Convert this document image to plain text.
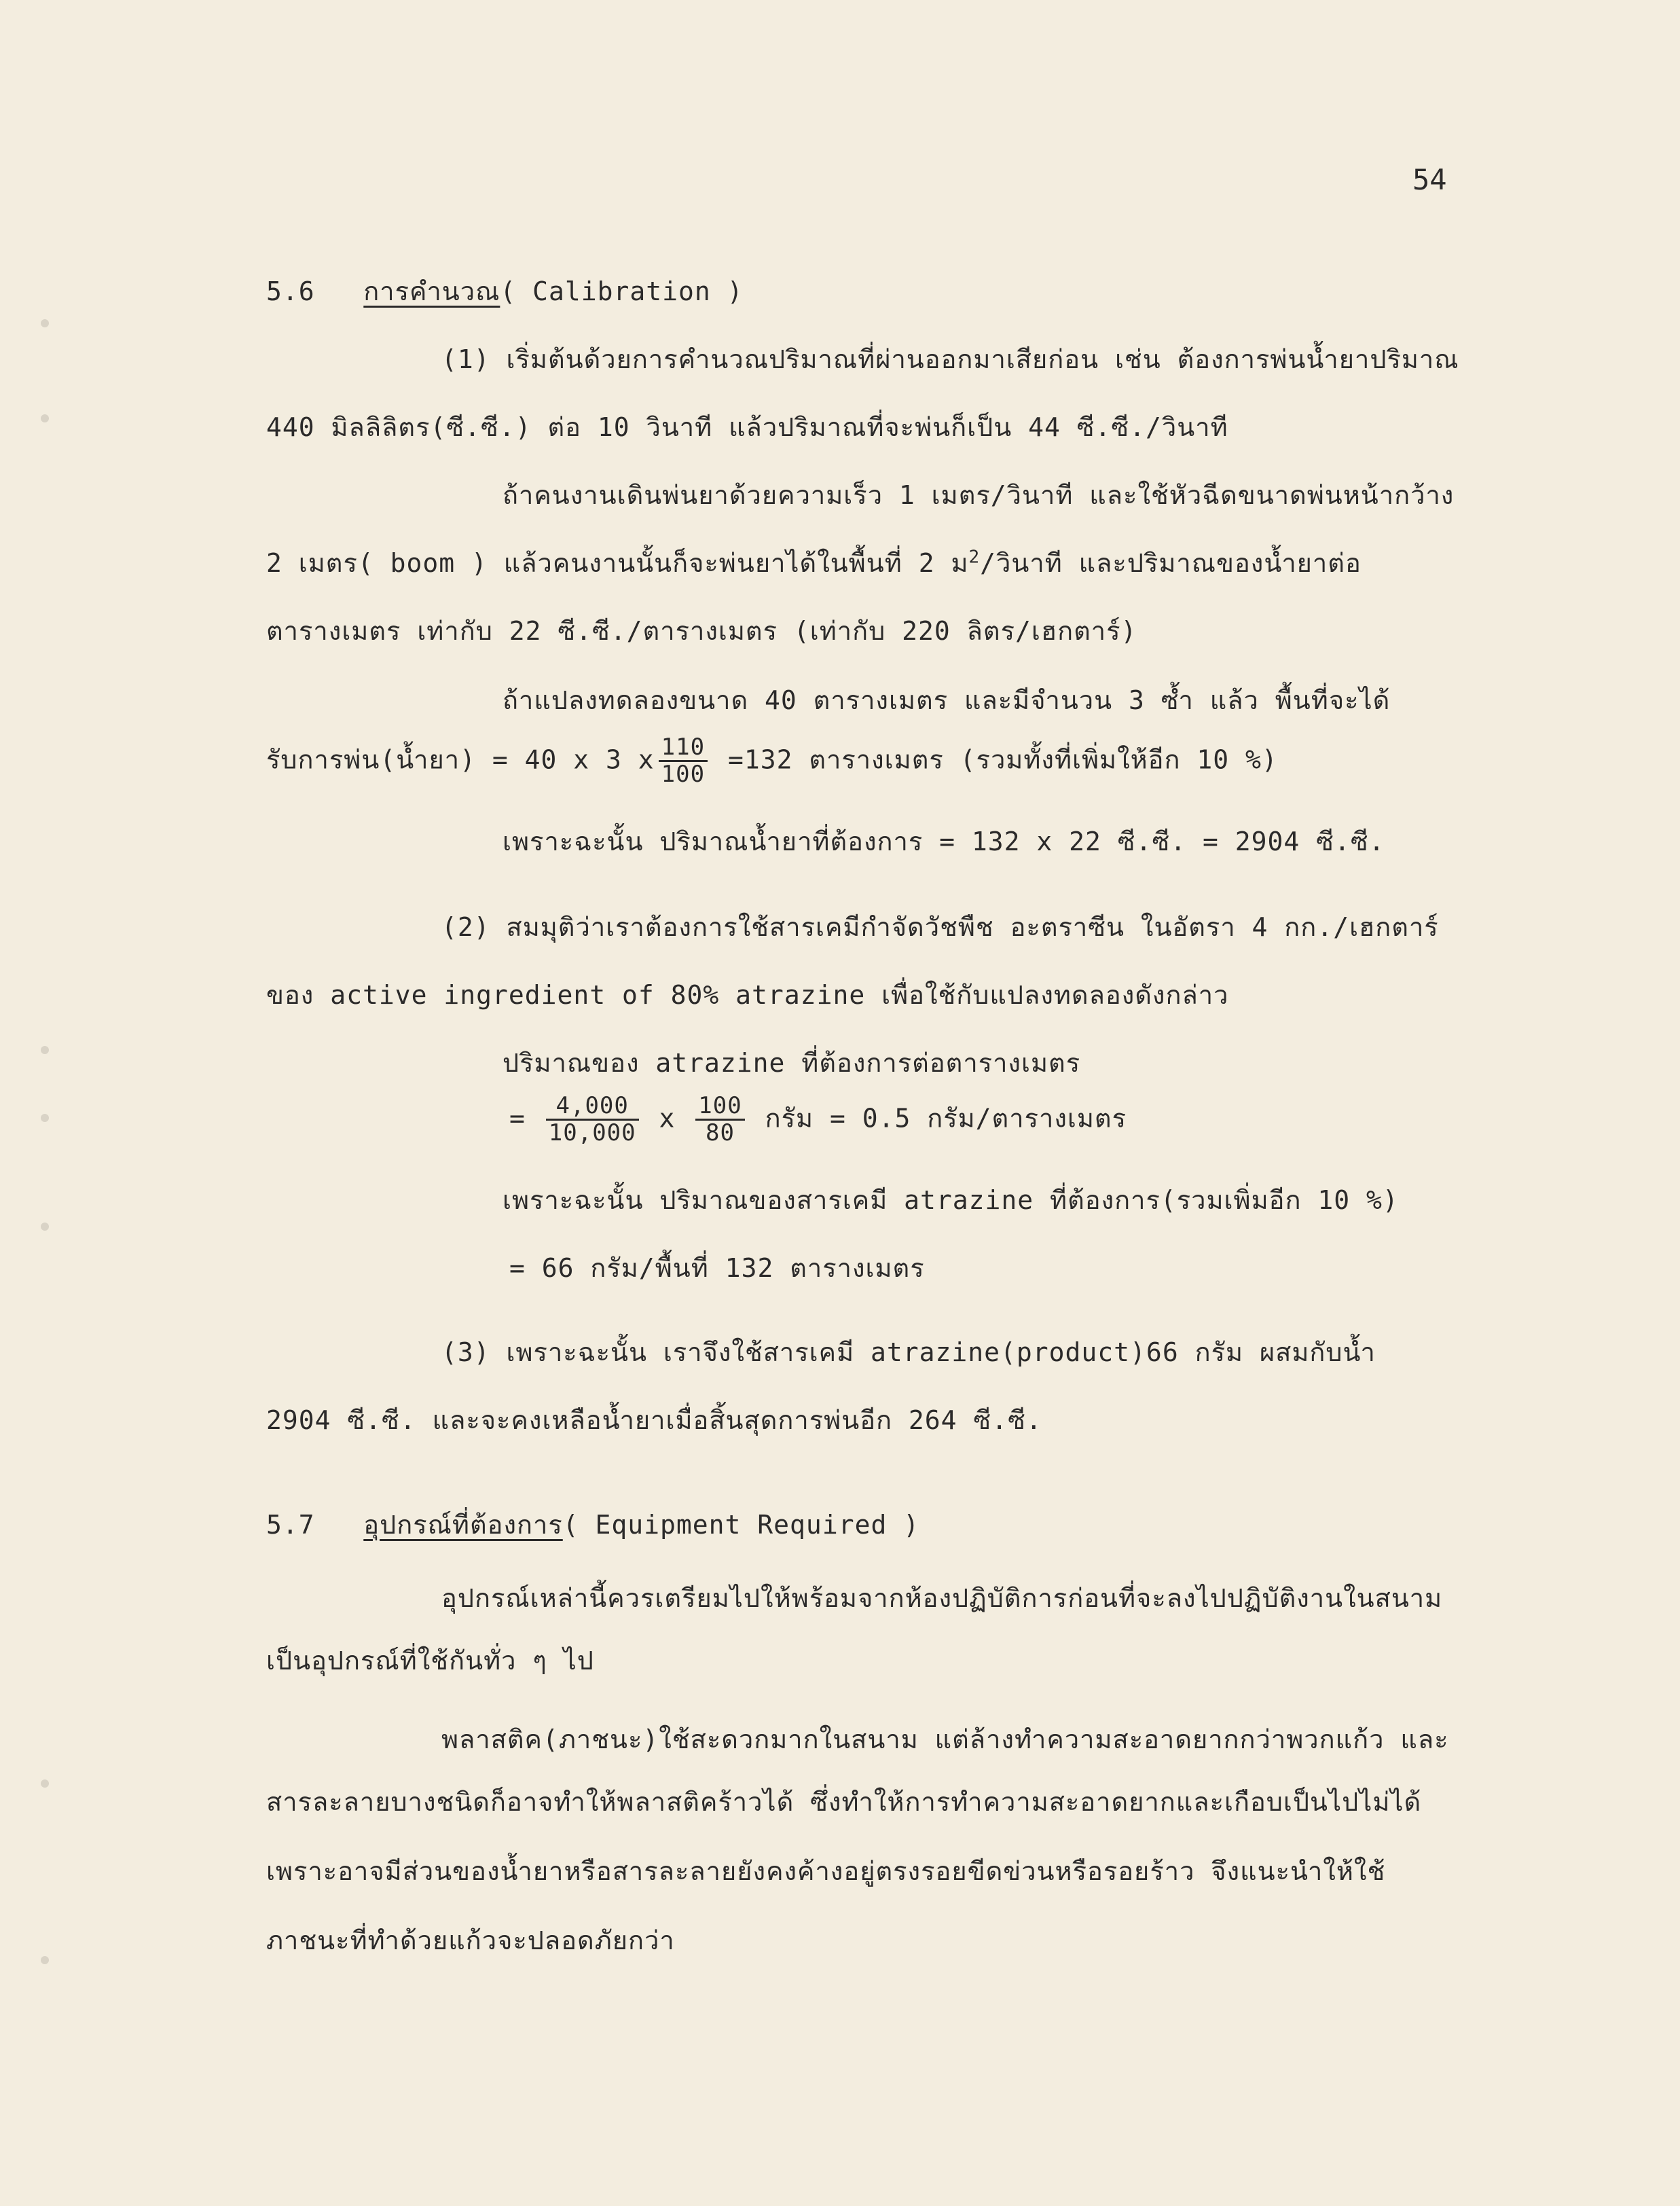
54
5.6 การคำนวณ( Calibration )
(1) เริ่มต้นด้วยการคำนวณปริมาณที่ผ่านออกมาเสียก่อน เช่น ต้องการพ่นน้ำยาปริมาณ
440 มิลลิลิตร(ซี.ซี.) ต่อ 10 วินาที แล้วปริมาณที่จะพ่นก็เป็น 44 ซี.ซี./วินาที
ถ้าคนงานเดินพ่นยาด้วยความเร็ว 1 เมตร/วินาที และใช้หัวฉีดขนาดพ่นหน้ากว้าง
2 เมตร( boom ) แล้วคนงานนั้นก็จะพ่นยาได้ในพื้นที่ 2 ม$^2$/วินาที และปริมาณของน้ำยาต่อ
ตารางเมตร เท่ากับ 22 ซี.ซี./ตารางเมตร (เท่ากับ 220 ลิตร/เฮกตาร์)
ถ้าแปลงทดลองขนาด 40 ตารางเมตร และมีจำนวน 3 ซ้ำ แล้ว พื้นที่จะได้
รับการพ่น(น้ำยา) = 40 x 3 x $\frac{110}{100} =132$ ตารางเมตร (รวมทั้งที่เพิ่มให้อีก 10 %)
เพราะฉะนั้น ปริมาณน้ำยาที่ต้องการ = 132 x 22 ซี.ซี. = 2904 ซี.ซี.
(2) สมมุติว่าเราต้องการใช้สารเคมีกำจัดวัชพืช อะตราซีน ในอัตรา 4 กก./เฮกตาร์
ของ active ingredient of 80% atrazine เพื่อใช้กับแปลงทดลองดังกล่าว
ปริมาณของ atrazine ที่ต้องการต่อตารางเมตร
= $\frac{4,000}{10,000}$ x $\frac{100}{80}$ กรัม = 0.5 กรัม/ตารางเมตร
เพราะฉะนั้น ปริมาณของสารเคมี atrazine ที่ต้องการ(รวมเพิ่มอีก 10 %)
= 66 กรัม/พื้นที่ 132 ตารางเมตร
(3) เพราะฉะนั้น เราจึงใช้สารเคมี atrazine(product)66 กรัม ผสมกับน้ำ
2904 ซี.ซี. และจะคงเหลือน้ำยาเมื่อสิ้นสุดการพ่นอีก 264 ซี.ซี.
5.7 อุปกรณ์ที่ต้องการ( Equipment Required )
อุปกรณ์เหล่านี้ควรเตรียมไปให้พร้อมจากห้องปฏิบัติการก่อนที่จะลงไปปฏิบัติงานในสนาม
เป็นอุปกรณ์ที่ใช้กันทั่ว ๆ ไป
พลาสติค(ภาชนะ)ใช้สะดวกมากในสนาม แต่ล้างทำความสะอาดยากกว่าพวกแก้ว และ
สารละลายบางชนิดก็อาจทำให้พลาสติคร้าวได้ ซึ่งทำให้การทำความสะอาดยากและเกือบเป็นไปไม่ได้
เพราะอาจมีส่วนของน้ำยาหรือสารละลายยังคงค้างอยู่ตรงรอยขีดข่วนหรือรอยร้าว จึงแนะนำให้ใช้
ภาชนะที่ทำด้วยแก้วจะปลอดภัยกว่า
